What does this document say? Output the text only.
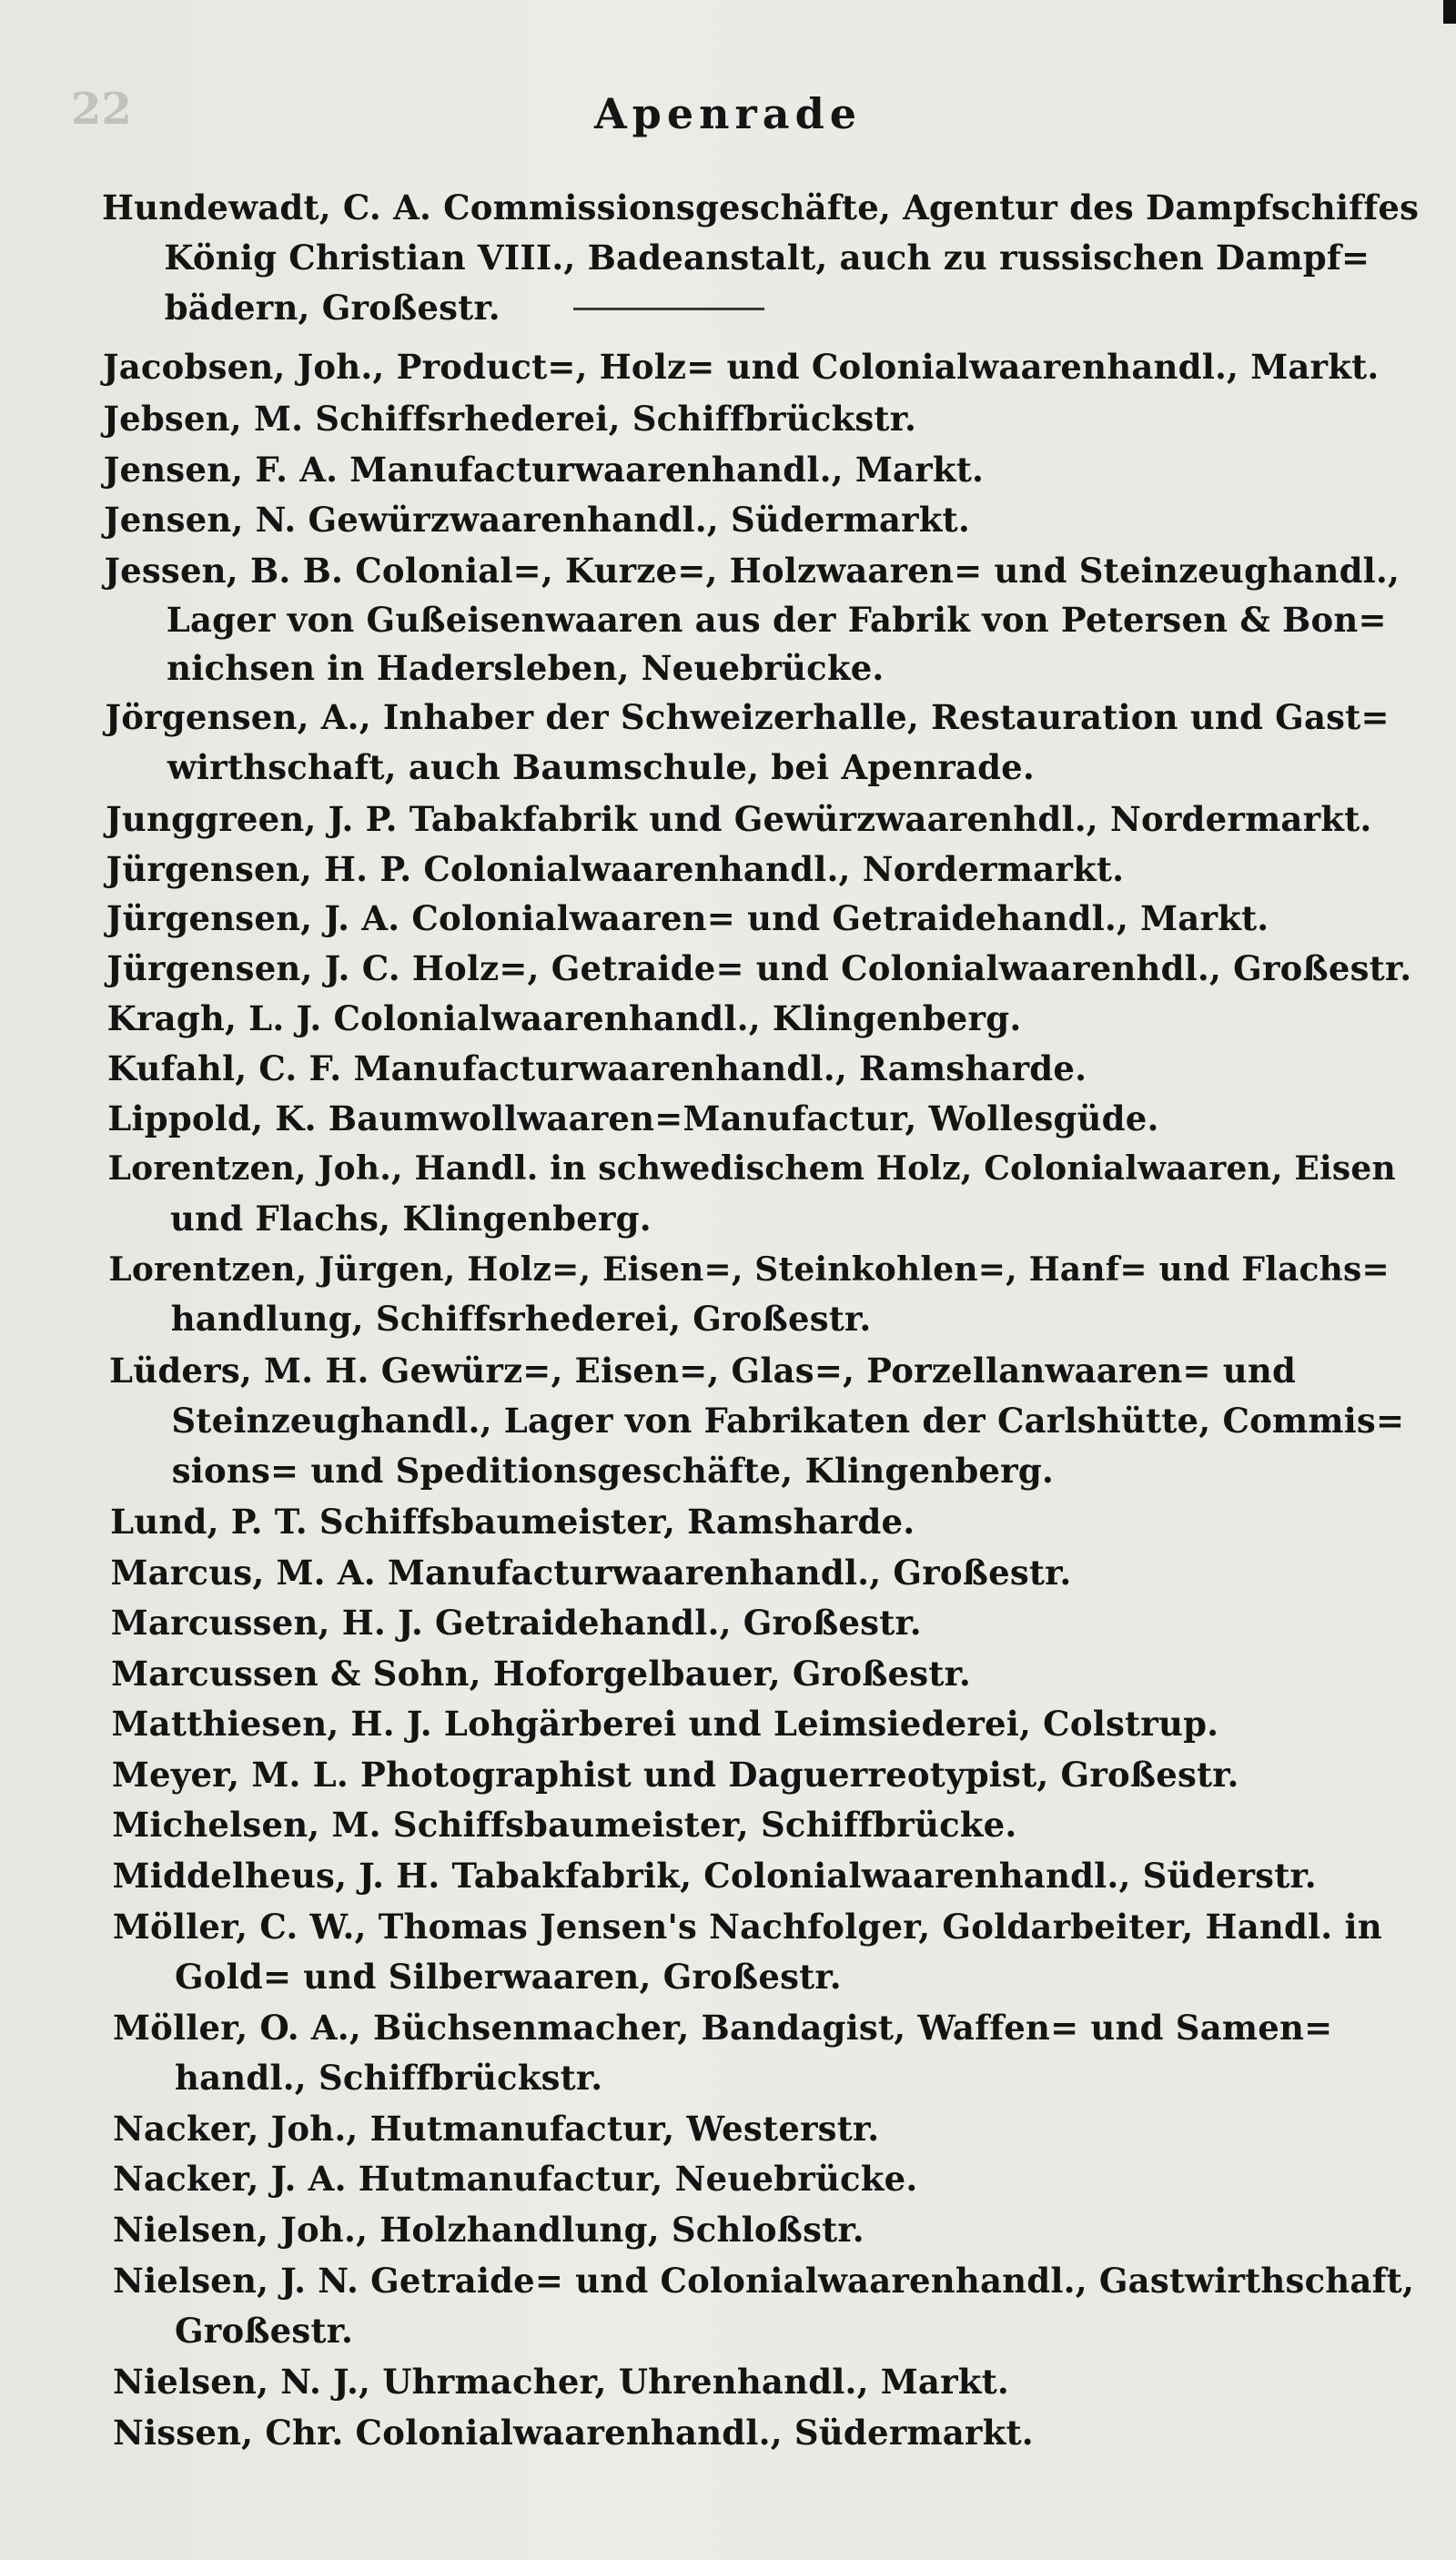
22	Apenrade
Hundewadt, C. A. Commissionsgeschäfte, Agentur des Dampfschiffes
König Christian VIII., Badeanstalt, auch zu russischen Dampf=
bädern, Großestr.
Jacobsen, Joh., Product=, Holz= und Colonialwaarenhandl., Markt.
Jebsen, M. Schiffsrhederei, Schiffbrückstr.
Jensen, F. A. Manufacturwaarenhandl., Markt.
Jensen, N. Gewürzwaarenhandl., Südermarkt.
Jessen, B. B. Colonial=, Kurze=, Holzwaaren= und Steinzeughandl.,
Lager von Gußeisenwaaren aus der Fabrik von Petersen & Bon=
nichsen in Hadersleben, Neuebrücke.
Jörgensen, A., Inhaber der Schweizerhalle, Restauration und Gast=
wirthschaft, auch Baumschule, bei Apenrade.
Junggreen, J. P. Tabakfabrik und Gewürzwaarenhdl., Nordermarkt.
Jürgensen, H. P. Colonialwaarenhandl., Nordermarkt.
Jürgensen, J. A. Colonialwaaren= und Getraidehandl., Markt.
Jürgensen, J. C. Holz=, Getraide= und Colonialwaarenhdl., Großestr.
Kragh, L. J. Colonialwaarenhandl., Klingenberg.
Kufahl, C. F. Manufacturwaarenhandl., Ramsharde.
Lippold, K. Baumwollwaaren=Manufactur, Wollesgüde.
Lorentzen, Joh., Handl. in schwedischem Holz, Colonialwaaren, Eisen
und Flachs, Klingenberg.
Lorentzen, Jürgen, Holz=, Eisen=, Steinkohlen=, Hanf= und Flachs=
handlung, Schiffsrhederei, Großestr.
Lüders, M. H. Gewürz=, Eisen=, Glas=, Porzellanwaaren= und
Steinzeughandl., Lager von Fabrikaten der Carlshütte, Commis=
sions= und Speditionsgeschäfte, Klingenberg.
Lund, P. T. Schiffsbaumeister, Ramsharde.
Marcus, M. A. Manufacturwaarenhandl., Großestr.
Marcussen, H. J. Getraidehandl., Großestr.
Marcussen & Sohn, Hoforgelbauer, Großestr.
Matthiesen, H. J. Lohgärberei und Leimsiederei, Colstrup.
Meyer, M. L. Photographist und Daguerreotypist, Großestr.
Michelsen, M. Schiffsbaumeister, Schiffbrücke.
Middelheus, J. H. Tabakfabrik, Colonialwaarenhandl., Süderstr.
Möller, C. W., Thomas Jensen's Nachfolger, Goldarbeiter, Handl. in
Gold= und Silberwaaren, Großestr.
Möller, O. A., Büchsenmacher, Bandagist, Waffen= und Samen=
handl., Schiffbrückstr.
Nacker, Joh., Hutmanufactur, Westerstr.
Nacker, J. A. Hutmanufactur, Neuebrücke.
Nielsen, Joh., Holzhandlung, Schloßstr.
Nielsen, J. N. Getraide= und Colonialwaarenhandl., Gastwirthschaft,
Großestr.
Nielsen, N. J., Uhrmacher, Uhrenhandl., Markt.
Nissen, Chr. Colonialwaarenhandl., Südermarkt.
